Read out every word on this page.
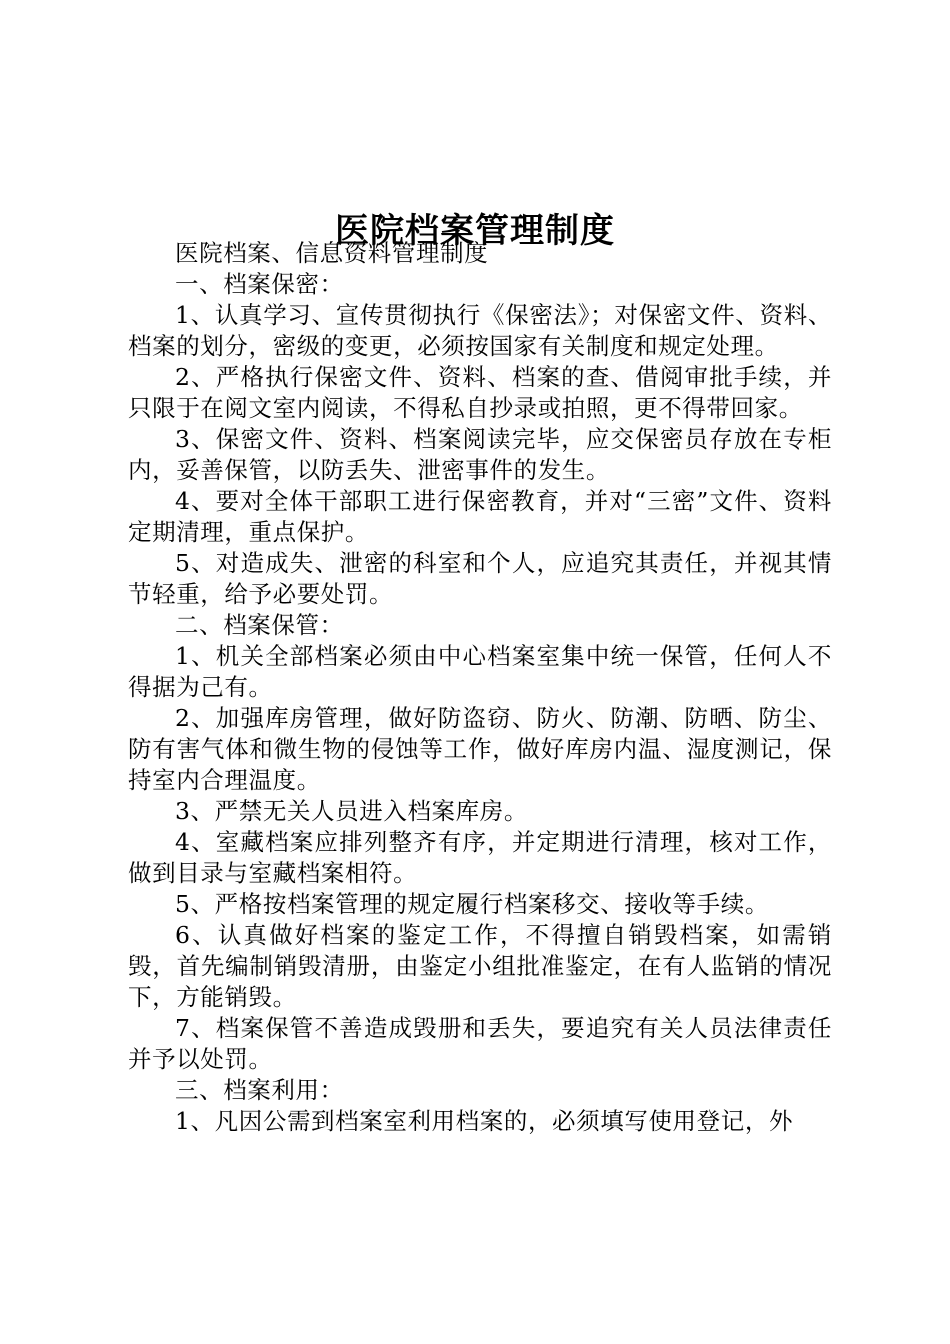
医院档案管理制度

医院档案、信息资料管理制度

一、档案保密：

1、认真学习、宣传贯彻执行《保密法》；对保密文件、资料、档案的划分，密级的变更，必须按国家有关制度和规定处理。

2、严格执行保密文件、资料、档案的查、借阅审批手续，并只限于在阅文室内阅读，不得私自抄录或拍照，更不得带回家。

3、保密文件、资料、档案阅读完毕，应交保密员存放在专柜内，妥善保管，以防丢失、泄密事件的发生。

4、要对全体干部职工进行保密教育，并对“三密”文件、资料定期清理，重点保护。

5、对造成失、泄密的科室和个人，应追究其责任，并视其情节轻重，给予必要处罚。

二、档案保管：

1、机关全部档案必须由中心档案室集中统一保管，任何人不得据为己有。

2、加强库房管理，做好防盗窃、防火、防潮、防晒、防尘、防有害气体和微生物的侵蚀等工作，做好库房内温、湿度测记，保持室内合理温度。

3、严禁无关人员进入档案库房。

4、室藏档案应排列整齐有序，并定期进行清理，核对工作，做到目录与室藏档案相符。

5、严格按档案管理的规定履行档案移交、接收等手续。

6、认真做好档案的鉴定工作，不得擅自销毁档案，如需销毁，首先编制销毁清册，由鉴定小组批准鉴定，在有人监销的情况下，方能销毁。

7、档案保管不善造成毁册和丢失，要追究有关人员法律责任并予以处罚。

三、档案利用：

1、凡因公需到档案室利用档案的，必须填写使用登记，外
